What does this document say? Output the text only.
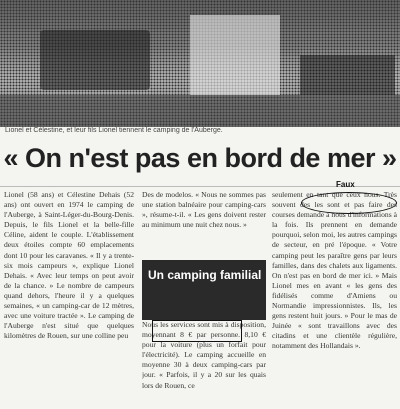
Lionel et Célestine, et leur fils Lionel tiennent le camping de l'Auberge.
« On n'est pas en bord de mer »

Lionel (58 ans) et Célestine Dehais (52 ans) ont ouvert en 1974 le camping de l'Auberge, à Saint-Léger-du-Bourg-Denis. Depuis, le fils Lionel et la belle-fille Céline, aident le couple. L'établissement deux étoiles compte 60 emplacements dont 10 pour les caravanes. « Il y a trente-six mois campeurs », explique Lionel Dehais. « Avec leur temps on peut avoir de la chance. » Le nombre de campeurs quand dehors, l'heure il y a quelques semaines, « un camping-car de 12 mètres, avec une voiture tractée ». Le camping de l'Auberge n'est situé que quelques kilomètres de Rouen, sur une colline peu

Des de modelos. « Nous ne sommes pas une station balnéaire pour camping-cars », résume-t-il. « Les gens doivent rester au minimum une nuit chez nous. »

Un camping familial

Nous les services sont mis à disposition, moyennant 8 € par personne. 8,10 € pour la voiture (plus un forfait pour l'électricité). Le camping accueille en moyenne 30 à deux camping-cars par jour. « Parfois, il y a 20 sur les quais lors de Rouen, ce

seulement en tant que ceux nous. Très souvent des les sont et pas faire des courses demande à nous d'informations à la fois. Ils prennent en demande pourquoi, selon moi, les autres campings de secteur, en pré l'époque. « Votre camping peut les paraître gens par leurs familles, dans des chalets aux ligaments. On n'est pas en bord de mer ici. » Mais Lionel mes en avant « les gens des fidélisés comme d'Amiens ou Normandie impressionnistes. Ils, les gens restent huit jours. » Pour le mas de Juinée « sont travaillons avec des citadins et une clientèle régulière, notamment des Hollandais ».

Faux
